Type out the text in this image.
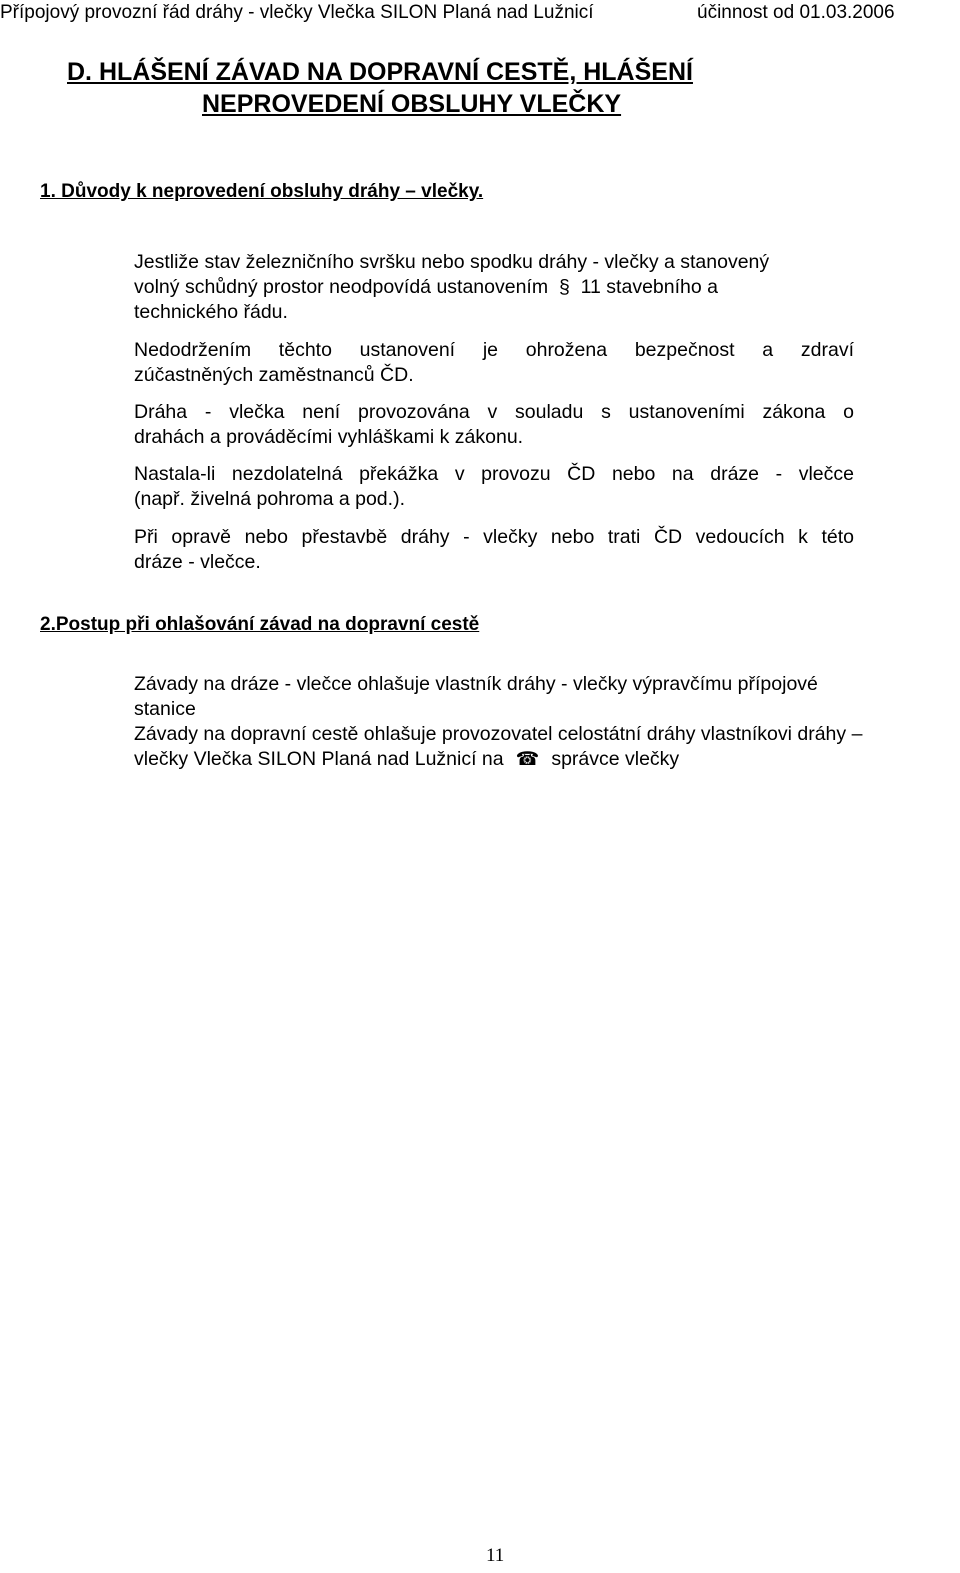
Přípojový provozní řád dráhy - vlečky Vlečka SILON Planá nad Lužnicí	účinnost od 01.03.2006
D. HLÁŠENÍ ZÁVAD NA DOPRAVNÍ CESTĚ, HLÁŠENÍ
NEPROVEDENÍ OBSLUHY VLEČKY
1. Důvody k neprovedení obsluhy dráhy – vlečky.
Jestliže stav železničního svršku nebo spodku dráhy - vlečky a stanovený
volný schůdný prostor neodpovídá ustanovením § 11 stavebního a
technického řádu.
Nedodržením těchto ustanovení je ohrožena bezpečnost a zdraví
zúčastněných zaměstnanců ČD.
Dráha - vlečka není provozována v souladu s ustanoveními zákona o
drahách a prováděcími vyhláškami k zákonu.
Nastala-li nezdolatelná překážka v provozu ČD nebo na dráze - vlečce
(např. živelná pohroma a pod.).
Při opravě nebo přestavbě dráhy - vlečky nebo trati ČD vedoucích k této
dráze - vlečce.
2.Postup při ohlašování závad na dopravní cestě
Závady na dráze - vlečce ohlašuje vlastník dráhy - vlečky výpravčímu přípojové
stanice
Závady na dopravní cestě ohlašuje provozovatel celostátní dráhy vlastníkovi dráhy –
vlečky Vlečka SILON Planá nad Lužnicí na ☎ správce vlečky
11
